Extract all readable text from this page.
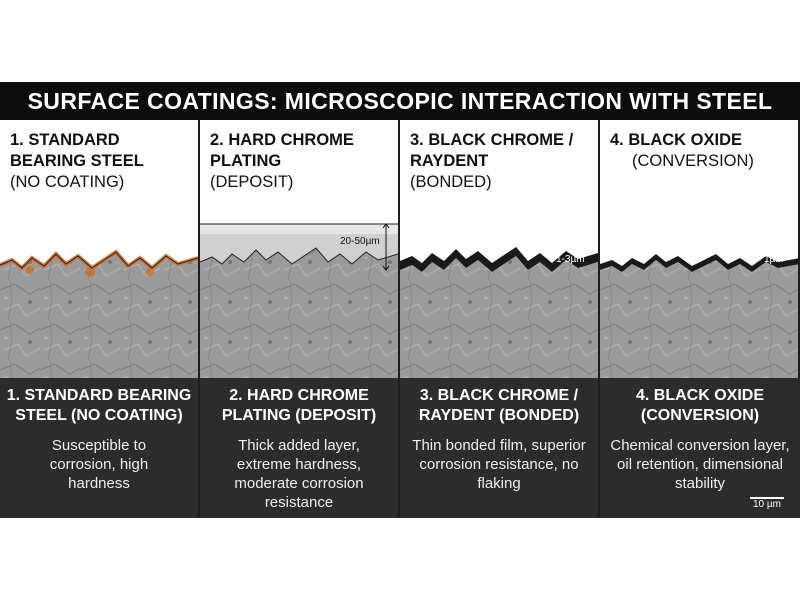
SURFACE COATINGS: MICROSCOPIC INTERACTION WITH STEEL
1. STANDARD BEARING STEEL
(NO COATING)
2. HARD CHROME PLATING
(DEPOSIT)
20-50µm
3. BLACK CHROME / RAYDENT
(BONDED)
1-3µm
4. BLACK OXIDE
(CONVERSION)
1µm
1. STANDARD BEARING STEEL (NO COATING)
Susceptible to corrosion, high hardness
2. HARD CHROME PLATING (DEPOSIT)
Thick added layer, extreme hardness, moderate corrosion resistance
3. BLACK CHROME / RAYDENT (BONDED)
Thin bonded film, superior corrosion resistance, no flaking
4. BLACK OXIDE (CONVERSION)
Chemical conversion layer, oil retention, dimensional stability
10 µm
